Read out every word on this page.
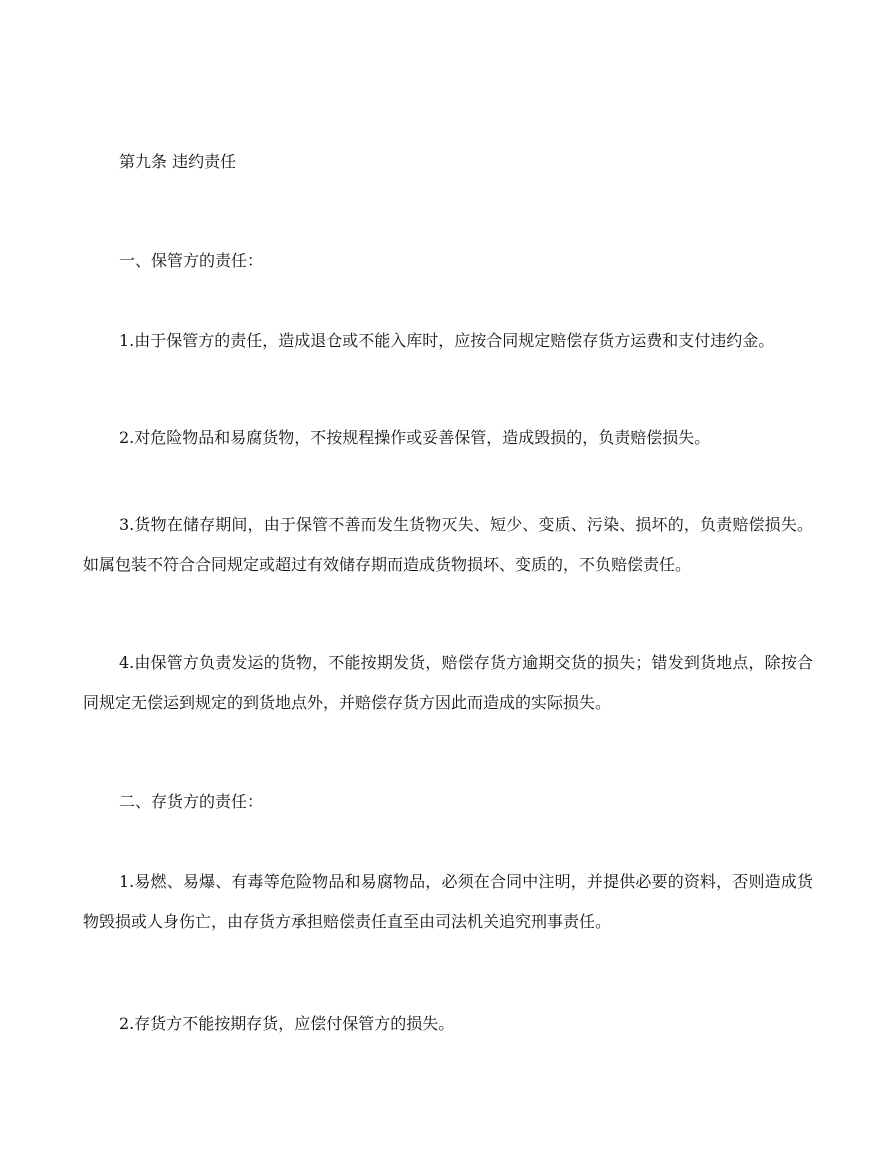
第九条 违约责任

一、保管方的责任：

1.由于保管方的责任，造成退仓或不能入库时，应按合同规定赔偿存货方运费和支付违约金。

2.对危险物品和易腐货物，不按规程操作或妥善保管，造成毁损的，负责赔偿损失。

3.货物在储存期间，由于保管不善而发生货物灭失、短少、变质、污染、损坏的，负责赔偿损失。如属包装不符合合同规定或超过有效储存期而造成货物损坏、变质的，不负赔偿责任。

4.由保管方负责发运的货物，不能按期发货，赔偿存货方逾期交货的损失；错发到货地点，除按合同规定无偿运到规定的到货地点外，并赔偿存货方因此而造成的实际损失。

二、存货方的责任：

1.易燃、易爆、有毒等危险物品和易腐物品，必须在合同中注明，并提供必要的资料，否则造成货物毁损或人身伤亡，由存货方承担赔偿责任直至由司法机关追究刑事责任。

2.存货方不能按期存货，应偿付保管方的损失。
